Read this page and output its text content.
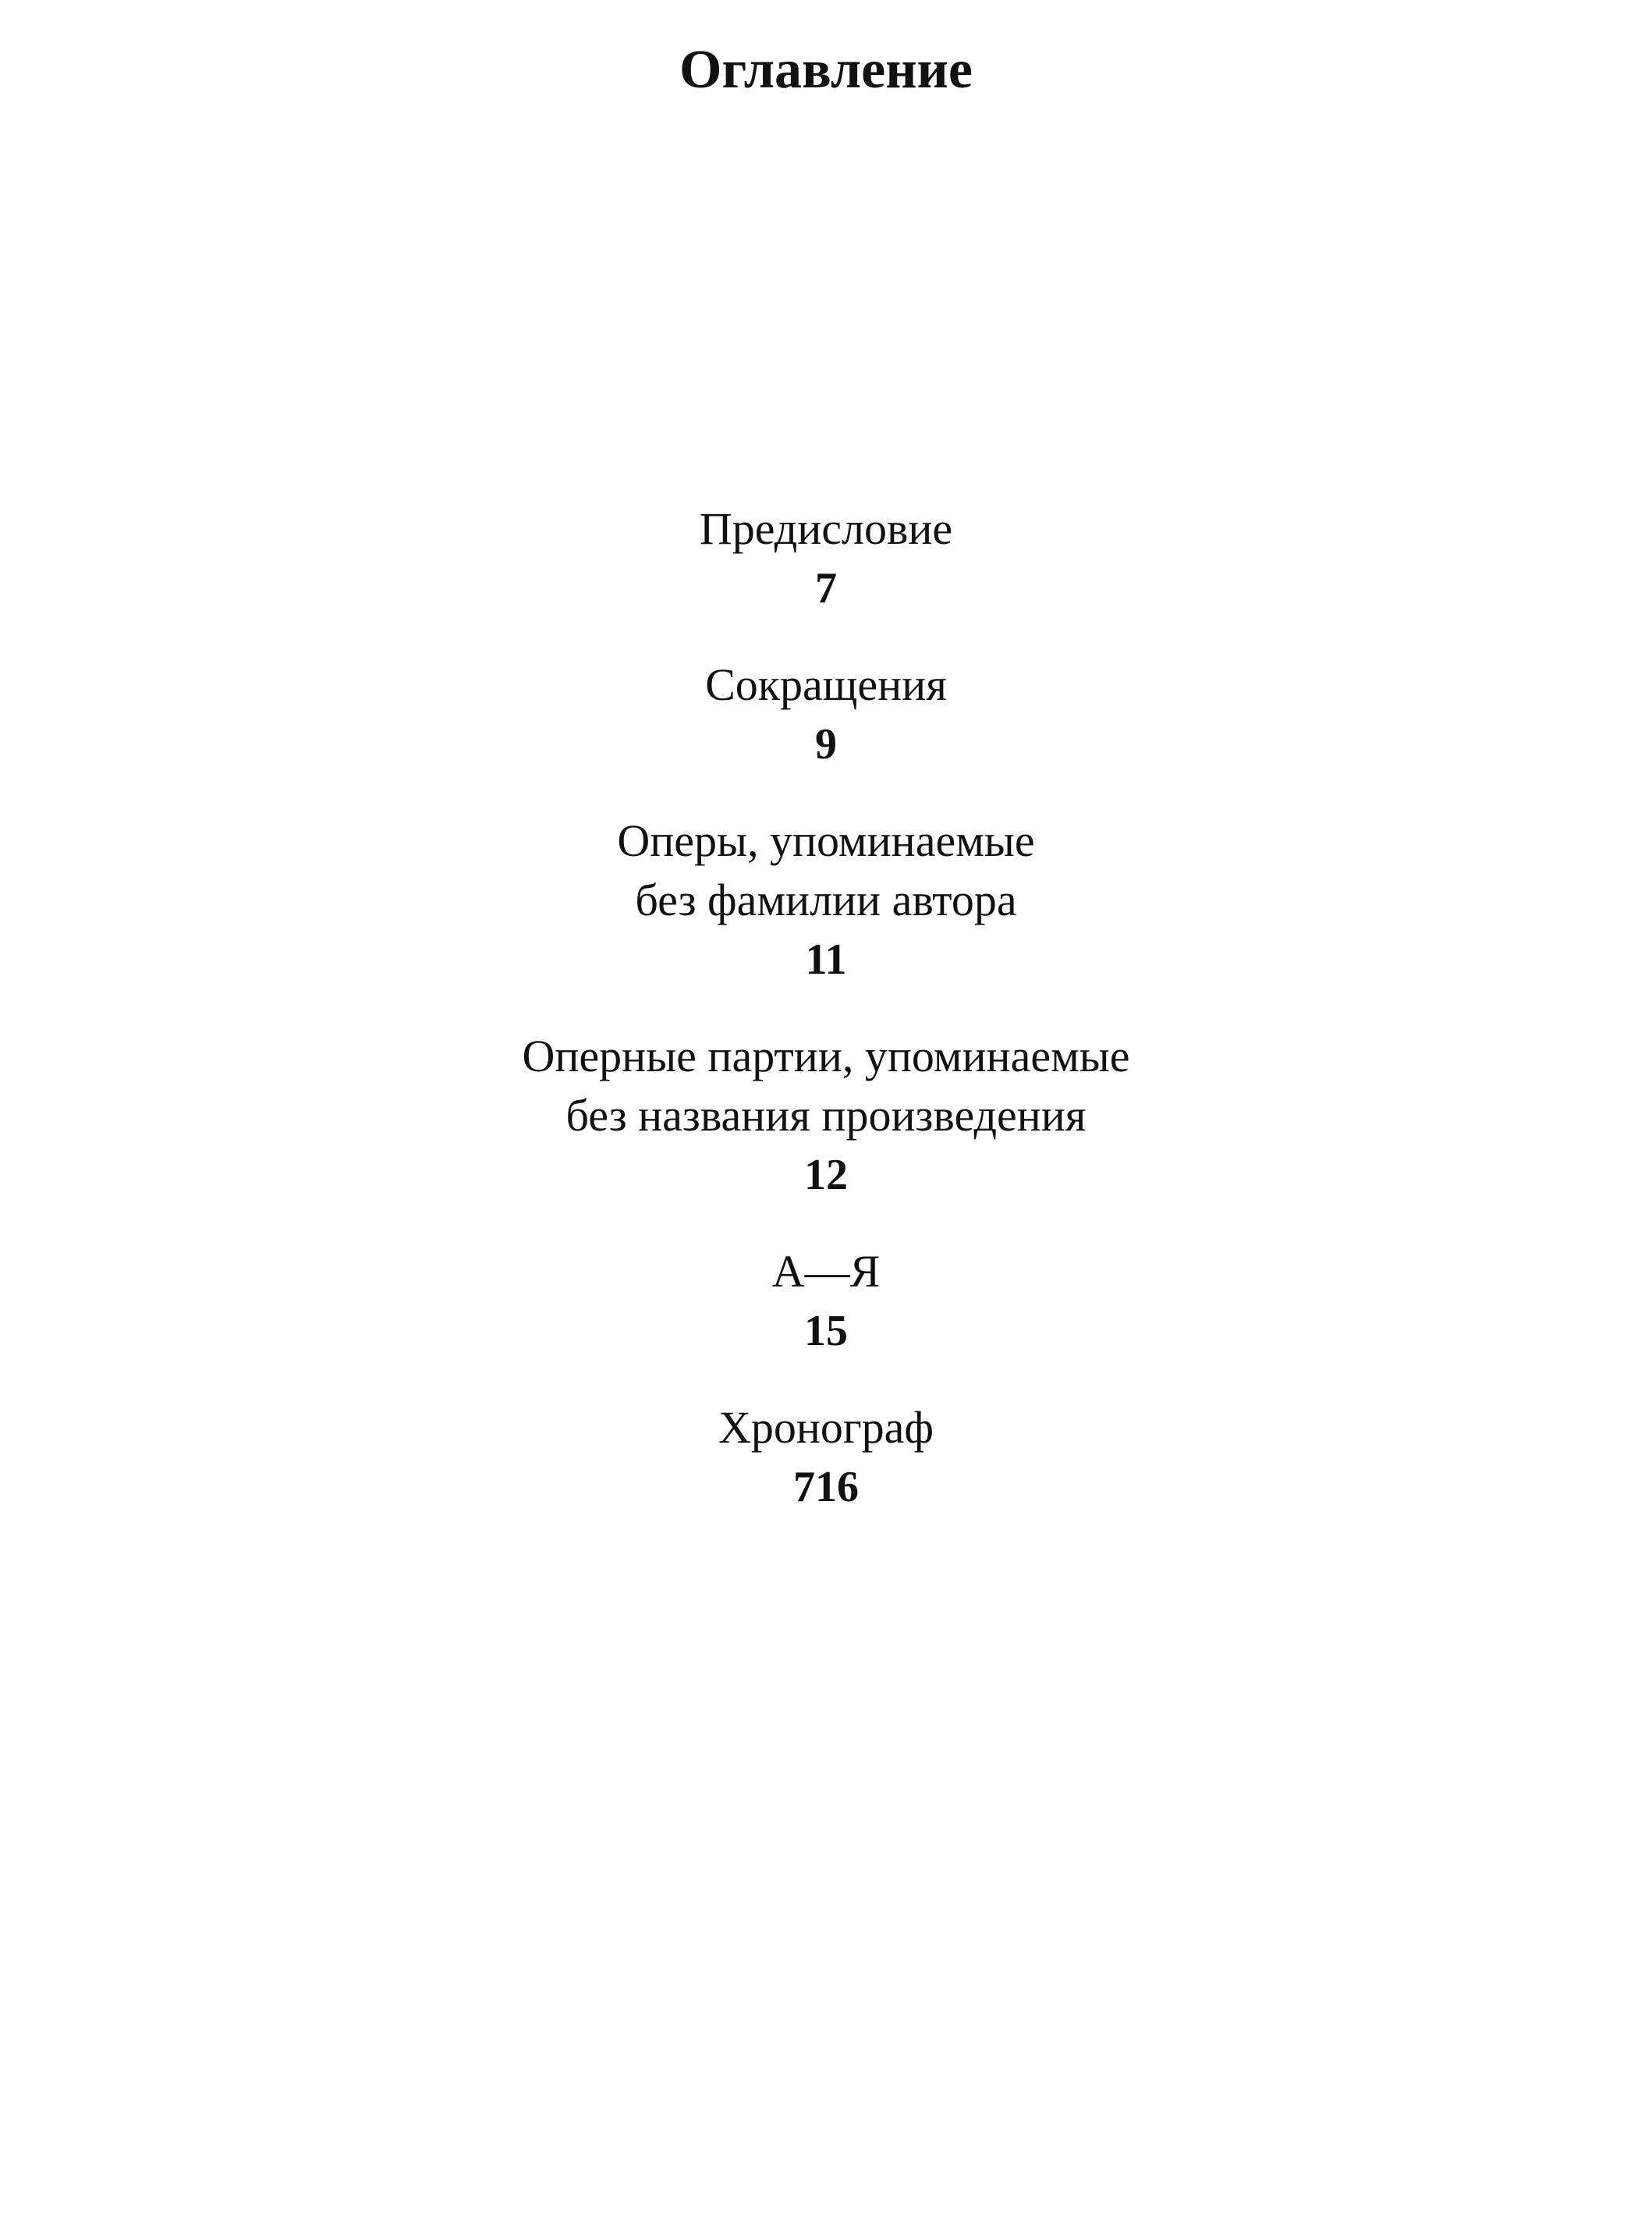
Оглавление
Предисловие
7
Сокращения
9
Оперы, упоминаемые
без фамилии автора
11
Оперные партии, упоминаемые
без названия произведения
12
А—Я
15
Хронограф
716
